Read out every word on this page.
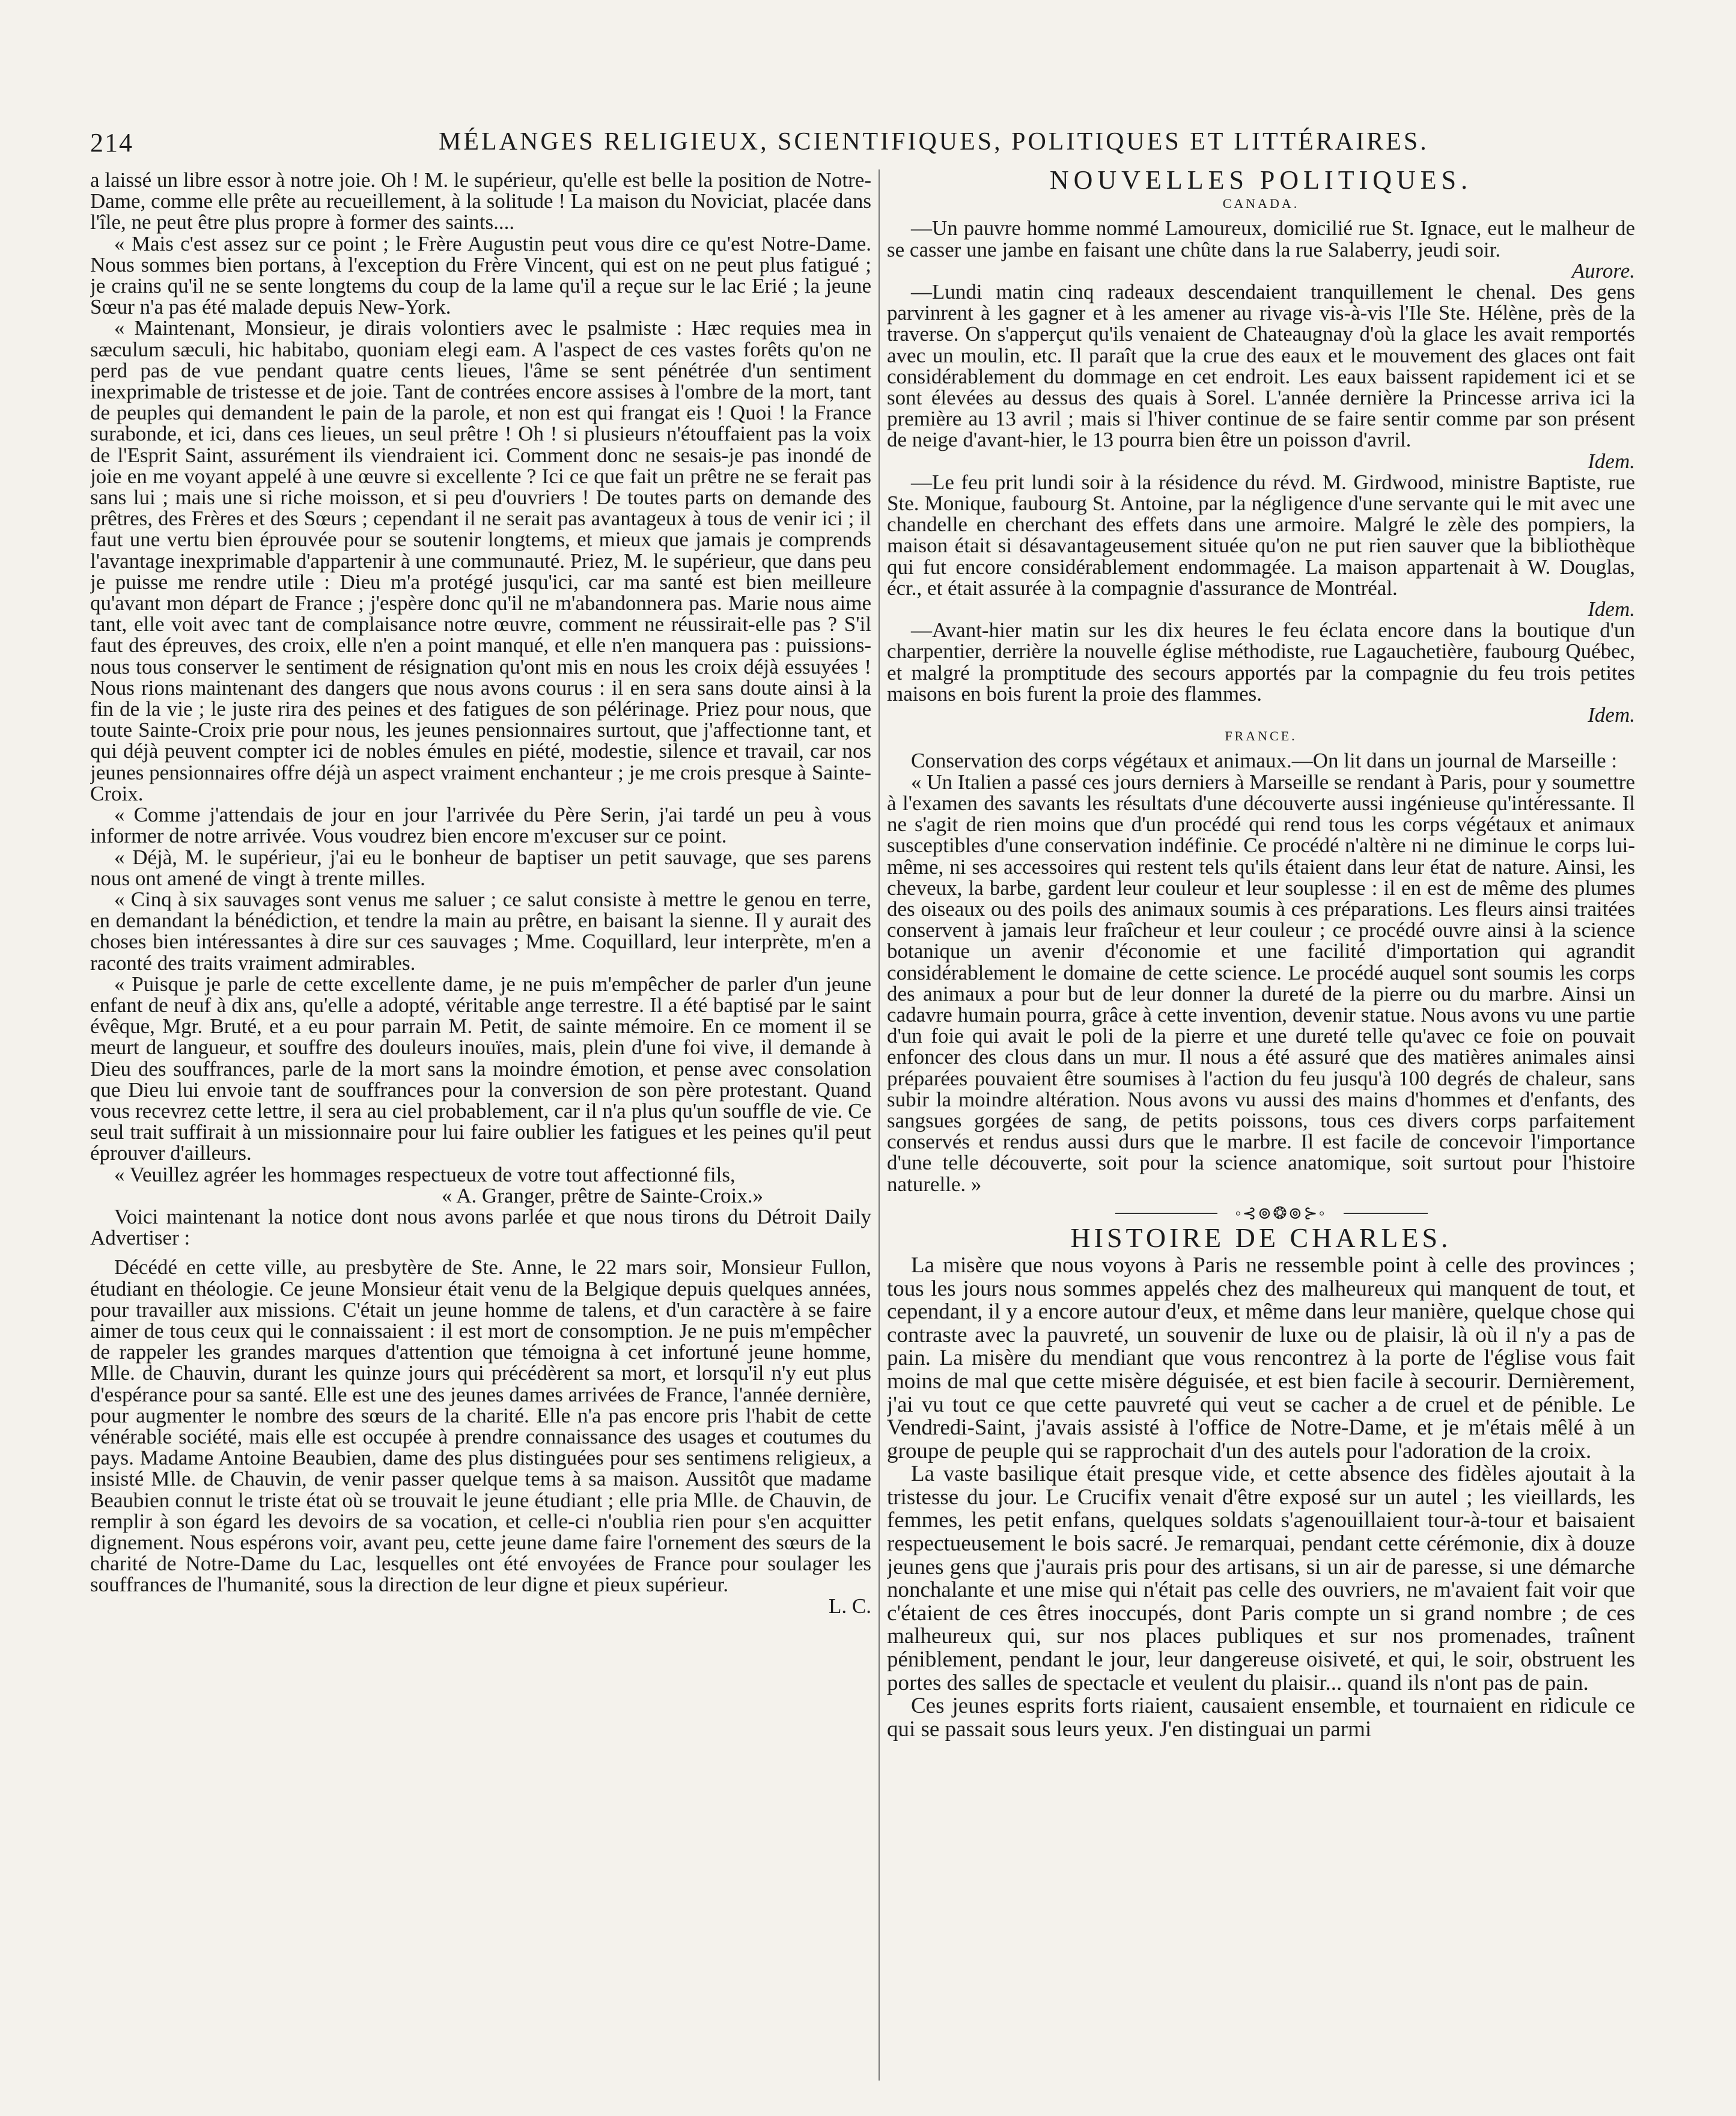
214	MÉLANGES RELIGIEUX, SCIENTIFIQUES, POLITIQUES ET LITTÉRAIRES.

a laissé un libre essor à notre joie. Oh ! M. le supérieur, qu'elle est belle la position de Notre-Dame, comme elle prête au recueillement, à la solitude ! La maison du Noviciat, placée dans l'île, ne peut être plus propre à former des saints....

« Mais c'est assez sur ce point ; le Frère Augustin peut vous dire ce qu'est Notre-Dame. Nous sommes bien portans, à l'exception du Frère Vincent, qui est on ne peut plus fatigué ; je crains qu'il ne se sente longtems du coup de la lame qu'il a reçue sur le lac Erié ; la jeune Sœur n'a pas été malade depuis New-York.

« Maintenant, Monsieur, je dirais volontiers avec le psalmiste : Hæc requies mea in sæculum sæculi, hic habitabo, quoniam elegi eam. A l'aspect de ces vastes forêts qu'on ne perd pas de vue pendant quatre cents lieues, l'âme se sent pénétrée d'un sentiment inexprimable de tristesse et de joie. Tant de contrées encore assises à l'ombre de la mort, tant de peuples qui demandent le pain de la parole, et non est qui frangat eis ! Quoi ! la France surabonde, et ici, dans ces lieues, un seul prêtre ! Oh ! si plusieurs n'étouffaient pas la voix de l'Esprit Saint, assurément ils viendraient ici. Comment donc ne sesais-je pas inondé de joie en me voyant appelé à une œuvre si excellente ? Ici ce que fait un prêtre ne se ferait pas sans lui ; mais une si riche moisson, et si peu d'ouvriers ! De toutes parts on demande des prêtres, des Frères et des Sœurs ; cependant il ne serait pas avantageux à tous de venir ici ; il faut une vertu bien éprouvée pour se soutenir longtems, et mieux que jamais je comprends l'avantage inexprimable d'appartenir à une communauté. Priez, M. le supérieur, que dans peu je puisse me rendre utile : Dieu m'a protégé jusqu'ici, car ma santé est bien meilleure qu'avant mon départ de France ; j'espère donc qu'il ne m'abandonnera pas. Marie nous aime tant, elle voit avec tant de complaisance notre œuvre, comment ne réussirait-elle pas ? S'il faut des épreuves, des croix, elle n'en a point manqué, et elle n'en manquera pas : puissions-nous tous conserver le sentiment de résignation qu'ont mis en nous les croix déjà essuyées ! Nous rions maintenant des dangers que nous avons courus : il en sera sans doute ainsi à la fin de la vie ; le juste rira des peines et des fatigues de son pélérinage. Priez pour nous, que toute Sainte-Croix prie pour nous, les jeunes pensionnaires surtout, que j'affectionne tant, et qui déjà peuvent compter ici de nobles émules en piété, modestie, silence et travail, car nos jeunes pensionnaires offre déjà un aspect vraiment enchanteur ; je me crois presque à Sainte-Croix.

« Comme j'attendais de jour en jour l'arrivée du Père Serin, j'ai tardé un peu à vous informer de notre arrivée. Vous voudrez bien encore m'excuser sur ce point.

« Déjà, M. le supérieur, j'ai eu le bonheur de baptiser un petit sauvage, que ses parens nous ont amené de vingt à trente milles.

« Cinq à six sauvages sont venus me saluer ; ce salut consiste à mettre le genou en terre, en demandant la bénédiction, et tendre la main au prêtre, en baisant la sienne. Il y aurait des choses bien intéressantes à dire sur ces sauvages ; Mme. Coquillard, leur interprète, m'en a raconté des traits vraiment admirables.

« Puisque je parle de cette excellente dame, je ne puis m'empêcher de parler d'un jeune enfant de neuf à dix ans, qu'elle a adopté, véritable ange terrestre. Il a été baptisé par le saint évêque, Mgr. Bruté, et a eu pour parrain M. Petit, de sainte mémoire. En ce moment il se meurt de langueur, et souffre des douleurs inouïes, mais, plein d'une foi vive, il demande à Dieu des souffrances, parle de la mort sans la moindre émotion, et pense avec consolation que Dieu lui envoie tant de souffrances pour la conversion de son père protestant. Quand vous recevrez cette lettre, il sera au ciel probablement, car il n'a plus qu'un souffle de vie. Ce seul trait suffirait à un missionnaire pour lui faire oublier les fatigues et les peines qu'il peut éprouver d'ailleurs.

« Veuillez agréer les hommages respectueux de votre tout affectionné fils,

« A. Granger, prêtre de Sainte-Croix.»

Voici maintenant la notice dont nous avons parlée et que nous tirons du Détroit Daily Advertiser :

Décédé en cette ville, au presbytère de Ste. Anne, le 22 mars soir, Monsieur Fullon, étudiant en théologie. Ce jeune Monsieur était venu de la Belgique depuis quelques années, pour travailler aux missions. C'était un jeune homme de talens, et d'un caractère à se faire aimer de tous ceux qui le connaissaient : il est mort de consomption. Je ne puis m'empêcher de rappeler les grandes marques d'attention que témoigna à cet infortuné jeune homme, Mlle. de Chauvin, durant les quinze jours qui précédèrent sa mort, et lorsqu'il n'y eut plus d'espérance pour sa santé. Elle est une des jeunes dames arrivées de France, l'année dernière, pour augmenter le nombre des sœurs de la charité. Elle n'a pas encore pris l'habit de cette vénérable société, mais elle est occupée à prendre connaissance des usages et coutumes du pays. Madame Antoine Beaubien, dame des plus distinguées pour ses sentimens religieux, a insisté Mlle. de Chauvin, de venir passer quelque tems à sa maison. Aussitôt que madame Beaubien connut le triste état où se trouvait le jeune étudiant ; elle pria Mlle. de Chauvin, de remplir à son égard les devoirs de sa vocation, et celle-ci n'oublia rien pour s'en acquitter dignement. Nous espérons voir, avant peu, cette jeune dame faire l'ornement des sœurs de la charité de Notre-Dame du Lac, lesquelles ont été envoyées de France pour soulager les souffrances de l'humanité, sous la direction de leur digne et pieux supérieur.

L. C.

NOUVELLES POLITIQUES.
CANADA.

—Un pauvre homme nommé Lamoureux, domicilié rue St. Ignace, eut le malheur de se casser une jambe en faisant une chûte dans la rue Salaberry, jeudi soir.

Aurore.

—Lundi matin cinq radeaux descendaient tranquillement le chenal. Des gens parvinrent à les gagner et à les amener au rivage vis-à-vis l'Ile Ste. Hélène, près de la traverse. On s'apperçut qu'ils venaient de Chateaugnay d'où la glace les avait remportés avec un moulin, etc. Il paraît que la crue des eaux et le mouvement des glaces ont fait considérablement du dommage en cet endroit. Les eaux baissent rapidement ici et se sont élevées au dessus des quais à Sorel. L'année dernière la Princesse arriva ici la première au 13 avril ; mais si l'hiver continue de se faire sentir comme par son présent de neige d'avant-hier, le 13 pourra bien être un poisson d'avril.

Idem.

—Le feu prit lundi soir à la résidence du révd. M. Girdwood, ministre Baptiste, rue Ste. Monique, faubourg St. Antoine, par la négligence d'une servante qui le mit avec une chandelle en cherchant des effets dans une armoire. Malgré le zèle des pompiers, la maison était si désavantageusement située qu'on ne put rien sauver que la bibliothèque qui fut encore considérablement endommagée. La maison appartenait à W. Douglas, écr., et était assurée à la compagnie d'assurance de Montréal.

Idem.

—Avant-hier matin sur les dix heures le feu éclata encore dans la boutique d'un charpentier, derrière la nouvelle église méthodiste, rue Lagauchetière, faubourg Québec, et malgré la promptitude des secours apportés par la compagnie du feu trois petites maisons en bois furent la proie des flammes.

Idem.

FRANCE.

Conservation des corps végétaux et animaux.—On lit dans un journal de Marseille :

« Un Italien a passé ces jours derniers à Marseille se rendant à Paris, pour y soumettre à l'examen des savants les résultats d'une découverte aussi ingénieuse qu'intéressante. Il ne s'agit de rien moins que d'un procédé qui rend tous les corps végétaux et animaux susceptibles d'une conservation indéfinie. Ce procédé n'altère ni ne diminue le corps lui-même, ni ses accessoires qui restent tels qu'ils étaient dans leur état de nature. Ainsi, les cheveux, la barbe, gardent leur couleur et leur souplesse : il en est de même des plumes des oiseaux ou des poils des animaux soumis à ces préparations. Les fleurs ainsi traitées conservent à jamais leur fraîcheur et leur couleur ; ce procédé ouvre ainsi à la science botanique un avenir d'économie et une facilité d'importation qui agrandit considérablement le domaine de cette science. Le procédé auquel sont soumis les corps des animaux a pour but de leur donner la dureté de la pierre ou du marbre. Ainsi un cadavre humain pourra, grâce à cette invention, devenir statue. Nous avons vu une partie d'un foie qui avait le poli de la pierre et une dureté telle qu'avec ce foie on pouvait enfoncer des clous dans un mur. Il nous a été assuré que des matières animales ainsi préparées pouvaient être soumises à l'action du feu jusqu'à 100 degrés de chaleur, sans subir la moindre altération. Nous avons vu aussi des mains d'hommes et d'enfants, des sangsues gorgées de sang, de petits poissons, tous ces divers corps parfaitement conservés et rendus aussi durs que le marbre. Il est facile de concevoir l'importance d'une telle découverte, soit pour la science anatomique, soit surtout pour l'histoire naturelle. »

◦⊰⊚❂⊚⊱◦
HISTOIRE DE CHARLES.

La misère que nous voyons à Paris ne ressemble point à celle des provinces ; tous les jours nous sommes appelés chez des malheureux qui manquent de tout, et cependant, il y a encore autour d'eux, et même dans leur manière, quelque chose qui contraste avec la pauvreté, un souvenir de luxe ou de plaisir, là où il n'y a pas de pain. La misère du mendiant que vous rencontrez à la porte de l'église vous fait moins de mal que cette misère déguisée, et est bien facile à secourir. Dernièrement, j'ai vu tout ce que cette pauvreté qui veut se cacher a de cruel et de pénible. Le Vendredi-Saint, j'avais assisté à l'office de Notre-Dame, et je m'étais mêlé à un groupe de peuple qui se rapprochait d'un des autels pour l'adoration de la croix.

La vaste basilique était presque vide, et cette absence des fidèles ajoutait à la tristesse du jour. Le Crucifix venait d'être exposé sur un autel ; les vieillards, les femmes, les petit enfans, quelques soldats s'agenouillaient tour-à-tour et baisaient respectueusement le bois sacré. Je remarquai, pendant cette cérémonie, dix à douze jeunes gens que j'aurais pris pour des artisans, si un air de paresse, si une démarche nonchalante et une mise qui n'était pas celle des ouvriers, ne m'avaient fait voir que c'étaient de ces êtres inoccupés, dont Paris compte un si grand nombre ; de ces malheureux qui, sur nos places publiques et sur nos promenades, traînent péniblement, pendant le jour, leur dangereuse oisiveté, et qui, le soir, obstruent les portes des salles de spectacle et veulent du plaisir... quand ils n'ont pas de pain.

Ces jeunes esprits forts riaient, causaient ensemble, et tournaient en ridicule ce qui se passait sous leurs yeux. J'en distinguai un parmi
